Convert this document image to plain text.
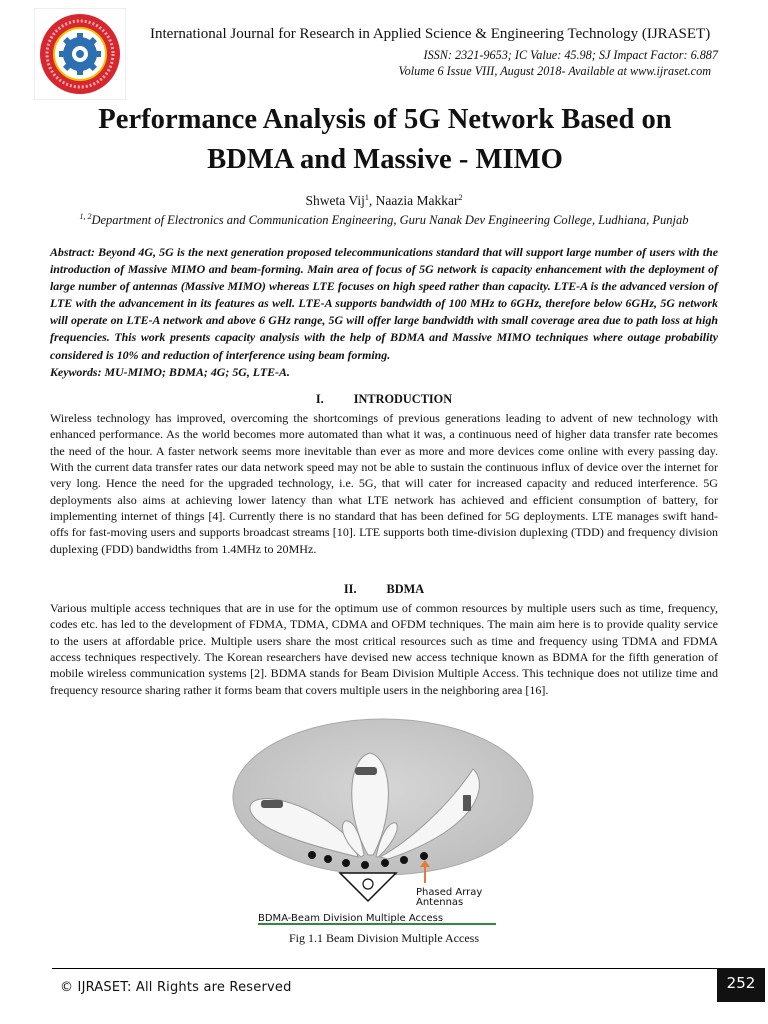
International Journal for Research in Applied Science & Engineering Technology (IJRASET)
ISSN: 2321-9653; IC Value: 45.98; SJ Impact Factor: 6.887
Volume 6 Issue VIII, August 2018- Available at www.ijraset.com
Performance Analysis of 5G Network Based on
BDMA and Massive - MIMO
Shweta Vij$^1$, Naazia Makkar$^2$
$^{1, 2}$Department of Electronics and Communication Engineering, Guru Nanak Dev Engineering College, Ludhiana, Punjab

Abstract: Beyond 4G, 5G is the next generation proposed telecommunications standard that will support large number of users with the introduction of Massive MIMO and beam-forming. Main area of focus of 5G network is capacity enhancement with the deployment of large number of antennas (Massive MIMO) whereas LTE focuses on high speed rather than capacity. LTE-A is the advanced version of LTE with the advancement in its features as well. LTE-A supports bandwidth of 100 MHz to 6GHz, therefore below 6GHz, 5G network will operate on LTE-A network and above 6 GHz range, 5G will offer large bandwidth with small coverage area due to path loss at high frequencies. This work presents capacity analysis with the help of BDMA and Massive MIMO techniques where outage probability considered is 10% and reduction of interference using beam forming.
Keywords: MU-MIMO; BDMA; 4G; 5G, LTE-A.

I. INTRODUCTION

Wireless technology has improved, overcoming the shortcomings of previous generations leading to advent of new technology with enhanced performance. As the world becomes more automated than what it was, a continuous need of higher data transfer rate becomes the need of the hour. A faster network seems more inevitable than ever as more and more devices come online with every passing day. With the current data transfer rates our data network speed may not be able to sustain the continuous influx of device over the internet for very long. Hence the need for the upgraded technology, i.e. 5G, that will cater for increased capacity and reduced interference. 5G deployments also aims at achieving lower latency than what LTE network has achieved and efficient consumption of battery, for implementing internet of things [4]. Currently there is no standard that has been defined for 5G deployments. LTE manages swift hand-offs for fast-moving users and supports broadcast streams [10]. LTE supports both time-division duplexing (TDD) and frequency division duplexing (FDD) bandwidths from 1.4MHz to 20MHz.

II. BDMA

Various multiple access techniques that are in use for the optimum use of common resources by multiple users such as time, frequency, codes etc. has led to the development of FDMA, TDMA, CDMA and OFDM techniques. The main aim here is to provide quality service to the users at affordable price. Multiple users share the most critical resources such as time and frequency using TDMA and FDMA access techniques respectively. The Korean researchers have devised new access technique known as BDMA for the fifth generation of mobile wireless communication systems [2]. BDMA stands for Beam Division Multiple Access. This technique does not utilize time and frequency resource sharing rather it forms beam that covers multiple users in the neighboring area [16].

Phased Array
Antennas
BDMA-Beam Division Multiple Access
Fig 1.1 Beam Division Multiple Access
© IJRASET: All Rights are Reserved	252
